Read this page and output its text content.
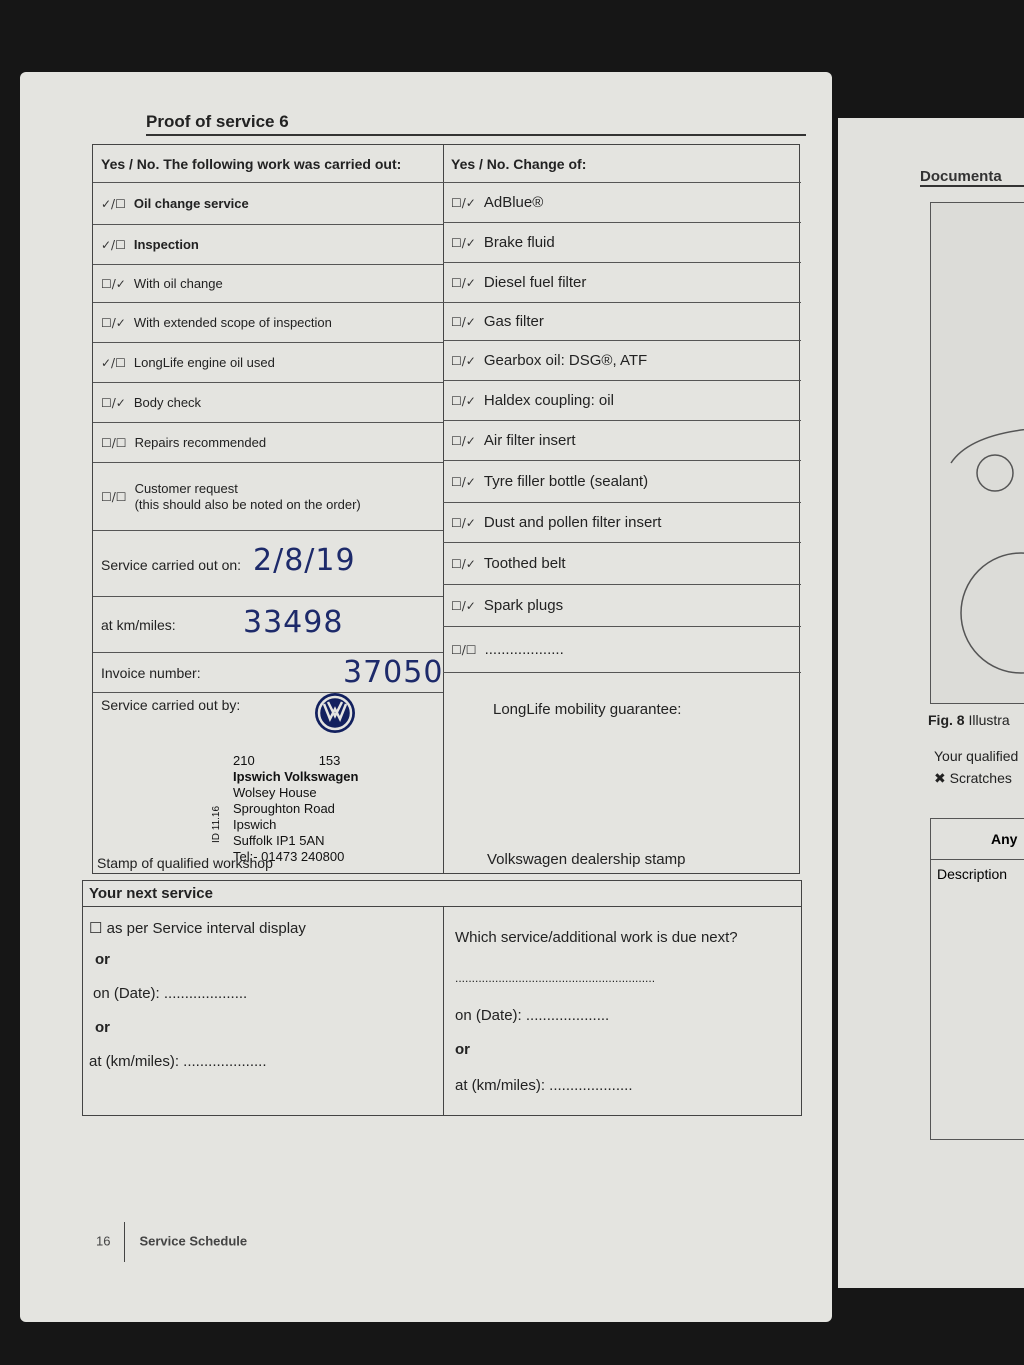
Proof of service 6
Yes / No. The following work was carried out:
✓/☐ Oil change service
✓/☐ Inspection
☐/✓ With oil change
☐/✓ With extended scope of inspection
✓/☐ LongLife engine oil used
☐/✓ Body check
☐/☐ Repairs recommended
☐/☐
Customer request
(this should also be noted on the order)
Service carried out on: 2/8/19
at km/miles: 33498
Invoice number:	37050
Service carried out by:
210	153
Ipswich Volkswagen
Wolsey House
Sproughton Road
Ipswich
Suffolk IP1 5AN
Tel:- 01473 240800
ID 11.16
Stamp of qualified workshop
Yes / No. Change of:
☐/✓ AdBlue®
☐/✓ Brake fluid
☐/✓ Diesel fuel filter
☐/✓ Gas filter
☐/✓ Gearbox oil: DSG®, ATF
☐/✓ Haldex coupling: oil
☐/✓ Air filter insert
☐/✓ Tyre filler bottle (sealant)
☐/✓ Dust and pollen filter insert
☐/✓ Toothed belt
☐/✓ Spark plugs
☐/☐ ...................
LongLife mobility guarantee:
Volkswagen dealership stamp
Your next service
☐ as per Service interval display
or
on (Date): ....................
or
at (km/miles): ....................
Which service/additional work is due next?
............................................................
on (Date): ....................
or
at (km/miles): ....................
16 Service Schedule
Documenta
Fig. 8 Illustra
Your qualified
✖ Scratches
Any
Description
